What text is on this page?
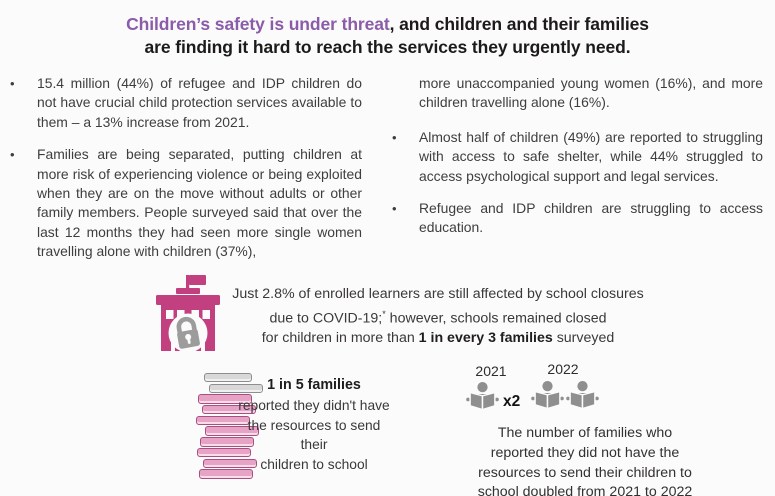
Children’s safety is under threat, and children and their families
are finding it hard to reach the services they urgently need.
•	15.4 million (44%) of refugee and IDP children do not have crucial child protection services available to them – a 13% increase from 2021.

•	Families are being separated, putting children at more risk of experiencing violence or being exploited when they are on the move without adults or other family members. People surveyed said that over the last 12 months they had seen more single women travelling alone with children (37%),

more unaccompanied young women (16%), and more children travelling alone (16%).

•	Almost half of children (49%) are reported to struggling with access to safe shelter, while 44% struggled to access psychological support and legal services.

•	Refugee and IDP children are struggling to access education.

Just 2.8% of enrolled learners are still affected by school closures
due to COVID-19;* however, schools remained closed
for children in more than 1 in every 3 families surveyed
1 in 5 families
reported they didn't have
the resources to send their
children to school
2021	2022
x2
The number of families who
reported they did not have the
resources to send their children to
school doubled from 2021 to 2022
